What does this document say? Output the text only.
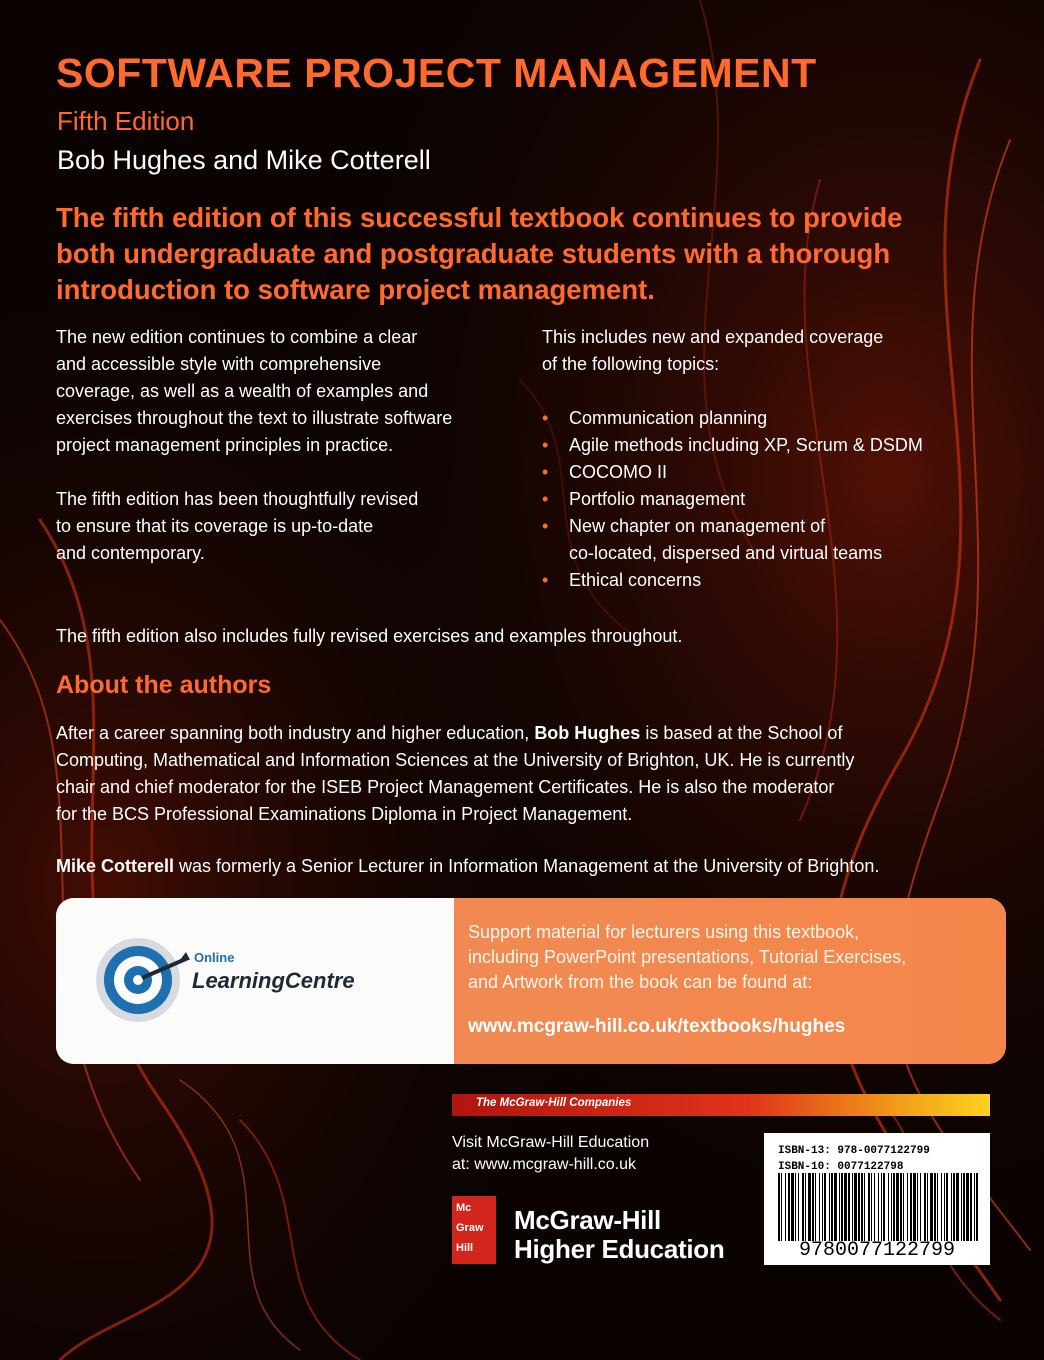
SOFTWARE PROJECT MANAGEMENT
Fifth Edition
Bob Hughes and Mike Cotterell
The fifth edition of this successful textbook continues to provide
both undergraduate and postgraduate students with a thorough
introduction to software project management.

The new edition continues to combine a clear
and accessible style with comprehensive
coverage, as well as a wealth of examples and
exercises throughout the text to illustrate software
project management principles in practice.

The fifth edition has been thoughtfully revised
to ensure that its coverage is up-to-date
and contemporary.

This includes new and expanded coverage
of the following topics:
• Communication planning
• Agile methods including XP, Scrum & DSDM
• COCOMO II
• Portfolio management
• New chapter on management of
co-located, dispersed and virtual teams
• Ethical concerns
The fifth edition also includes fully revised exercises and examples throughout.
About the authors
After a career spanning both industry and higher education, Bob Hughes is based at the School of
Computing, Mathematical and Information Sciences at the University of Brighton, UK. He is currently
chair and chief moderator for the ISEB Project Management Certificates. He is also the moderator
for the BCS Professional Examinations Diploma in Project Management.
Mike Cotterell was formerly a Senior Lecturer in Information Management at the University of Brighton.
Online
LearningCentre
Support material for lecturers using this textbook,
including PowerPoint presentations, Tutorial Exercises,
and Artwork from the book can be found at:
www.mcgraw-hill.co.uk/textbooks/hughes
The McGraw·Hill Companies
Visit McGraw-Hill Education
at: www.mcgraw-hill.co.uk
ISBN-13: 978-0077122799
ISBN-10: 0077122798
9780077122799
Mc
Graw
Hill
McGraw-Hill
Higher Education
